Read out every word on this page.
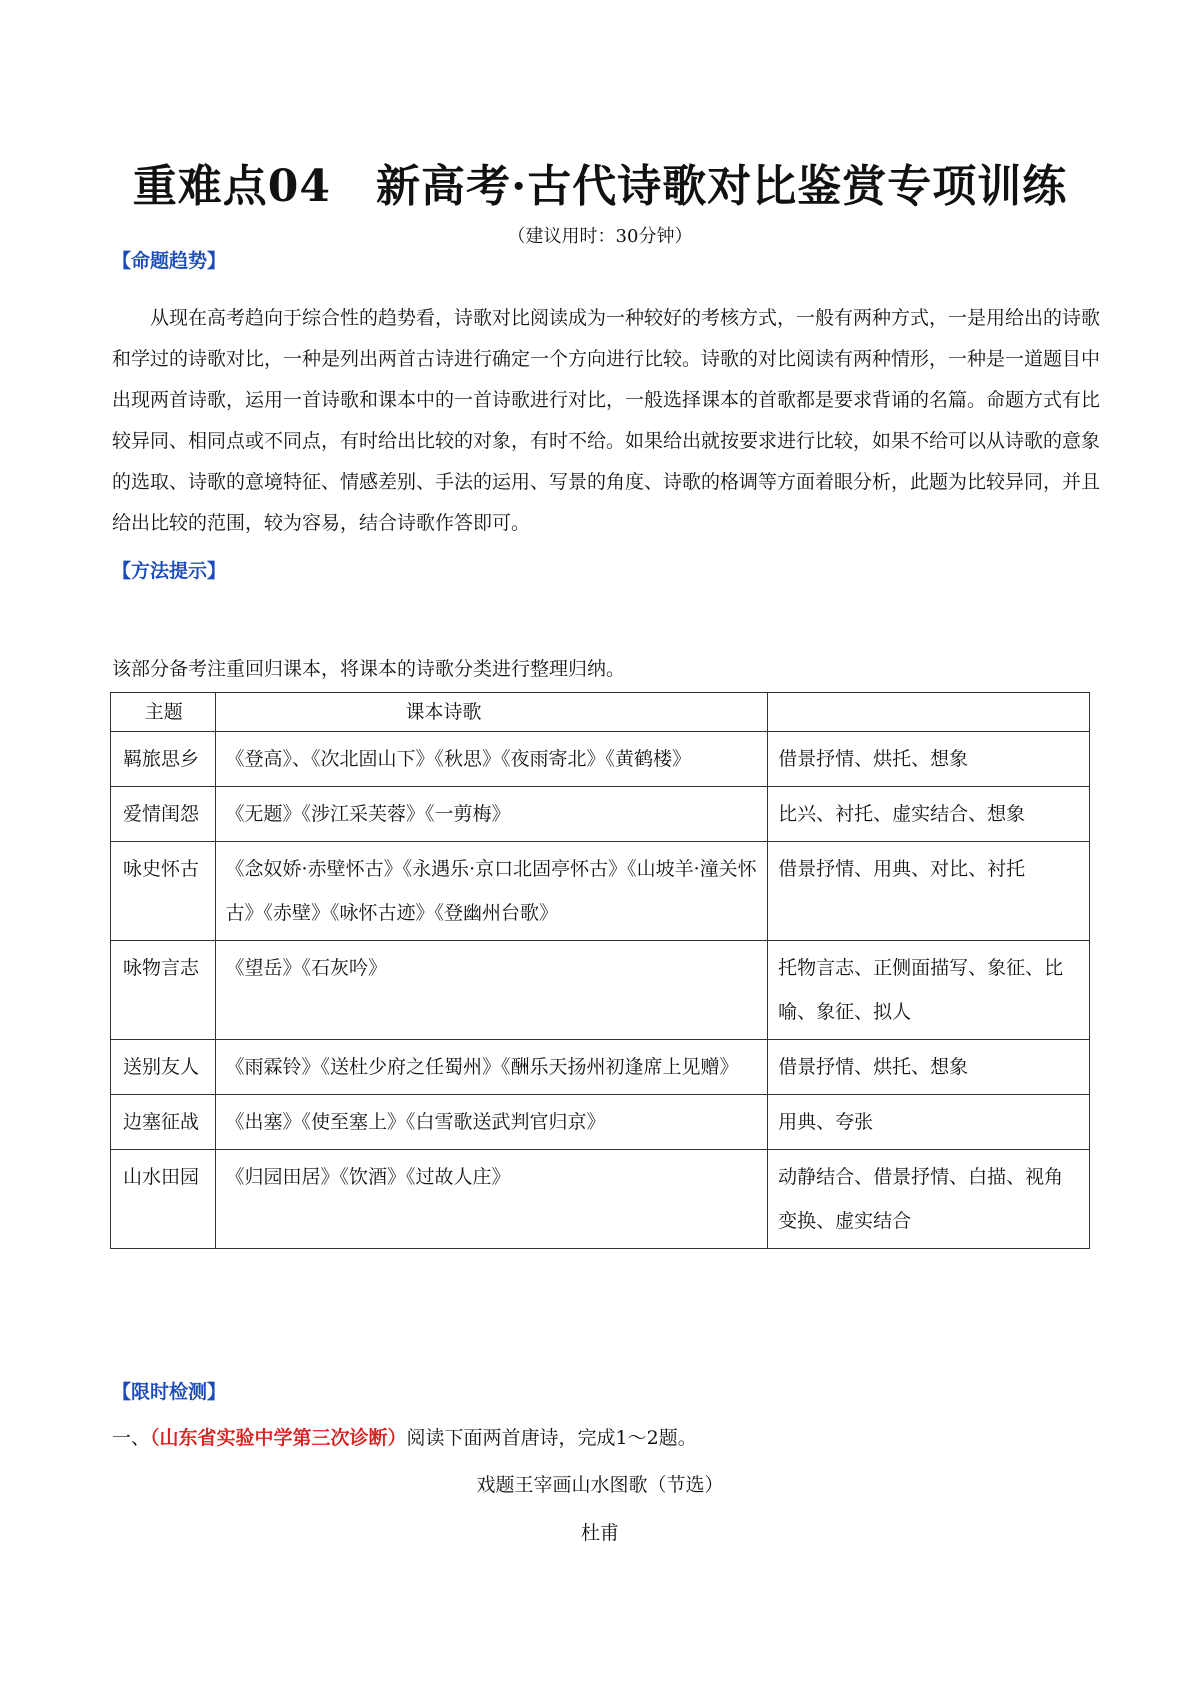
重难点04　新高考·古代诗歌对比鉴赏专项训练
（建议用时：30分钟）
【命题趋势】

从现在高考趋向于综合性的趋势看，诗歌对比阅读成为一种较好的考核方式，一般有两种方式，一是用给出的诗歌和学过的诗歌对比，一种是列出两首古诗进行确定一个方向进行比较。诗歌的对比阅读有两种情形，一种是一道题目中出现两首诗歌，运用一首诗歌和课本中的一首诗歌进行对比，一般选择课本的首歌都是要求背诵的名篇。命题方式有比较异同、相同点或不同点，有时给出比较的对象，有时不给。如果给出就按要求进行比较，如果不给可以从诗歌的意象的选取、诗歌的意境特征、情感差别、手法的运用、写景的角度、诗歌的格调等方面着眼分析，此题为比较异同，并且给出比较的范围，较为容易，结合诗歌作答即可。

【方法提示】

该部分备考注重回归课本，将课本的诗歌分类进行整理归纳。

主题	课本诗歌	
羁旅思乡	《登高》、《次北固山下》《秋思》《夜雨寄北》《黄鹤楼》	借景抒情、烘托、想象
爱情闺怨	《无题》《涉江采芙蓉》《一剪梅》	比兴、衬托、虚实结合、想象
咏史怀古	《念奴娇·赤壁怀古》《永遇乐·京口北固亭怀古》《山坡羊·潼关怀古》《赤壁》《咏怀古迹》《登幽州台歌》	借景抒情、用典、对比、衬托
咏物言志	《望岳》《石灰吟》	托物言志、正侧面描写、象征、比喻、象征、拟人
送别友人	《雨霖铃》《送杜少府之任蜀州》《酬乐天扬州初逢席上见赠》	借景抒情、烘托、想象
边塞征战	《出塞》《使至塞上》《白雪歌送武判官归京》	用典、夸张
山水田园	《归园田居》《饮酒》《过故人庄》	动静结合、借景抒情、白描、视角变换、虚实结合
【限时检测】
一、（山东省实验中学第三次诊断）阅读下面两首唐诗，完成1～2题。
戏题王宰画山水图歌（节选）
杜甫
